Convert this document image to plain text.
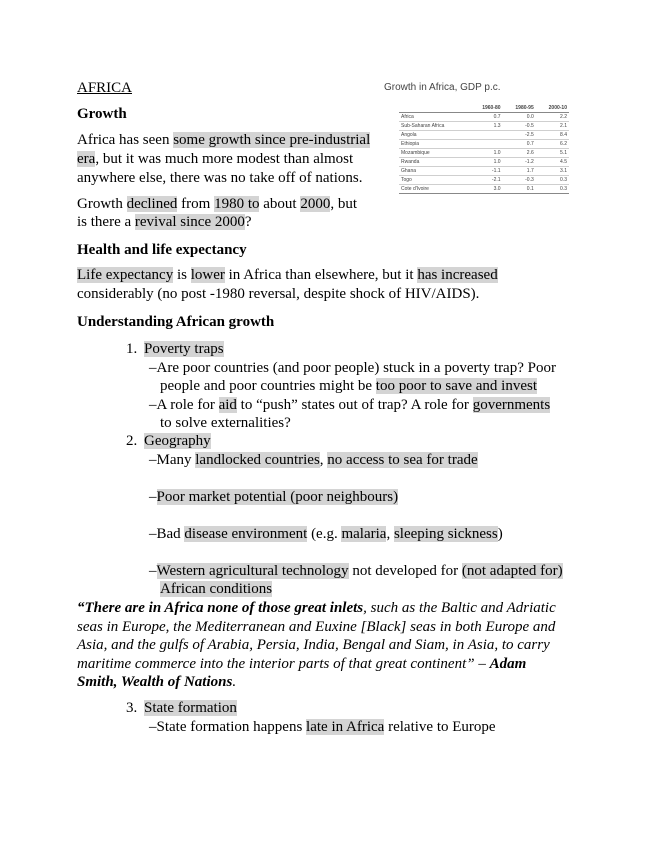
AFRICA
Growth
Africa has seen some growth since pre-industrial
era, but it was much more modest than almost
anywhere else, there was no take off of nations.
Growth declined from 1980 to about 2000, but
is there a revival since 2000?
Growth in Africa, GDP p.c.
	1960-80	1980-95	2000-10
Africa	0.7	0.0	2.2
Sub-Saharan Africa	1.3	-0.5	2.1
Angola		-2.5	8.4
Ethiopia		0.7	6.2
Mozambique	1.0	2.6	5.1
Rwanda	1.0	-1.2	4.5
Ghana	-1.1	1.7	3.1
Togo	-2.1	-0.3	0.3
Cote d'Ivoire	3.0	0.1	0.3
Health and life expectancy
Life expectancy is lower in Africa than elsewhere, but it has increased
considerably (no post -1980 reversal, despite shock of HIV/AIDS).
Understanding African growth
1. Poverty traps
–Are poor countries (and poor people) stuck in a poverty trap? Poor
people and poor countries might be too poor to save and invest
–A role for aid to “push” states out of trap? A role for governments
to solve externalities?
2. Geography
–Many landlocked countries, no access to sea for trade
–Poor market potential (poor neighbours)
–Bad disease environment (e.g. malaria, sleeping sickness)
–Western agricultural technology not developed for (not adapted for)
African conditions
“There are in Africa none of those great inlets, such as the Baltic and Adriatic
seas in Europe, the Mediterranean and Euxine [Black] seas in both Europe and
Asia, and the gulfs of Arabia, Persia, India, Bengal and Siam, in Asia, to carry
maritime commerce into the interior parts of that great continent” – Adam
Smith, Wealth of Nations.
3. State formation
–State formation happens late in Africa relative to Europe
